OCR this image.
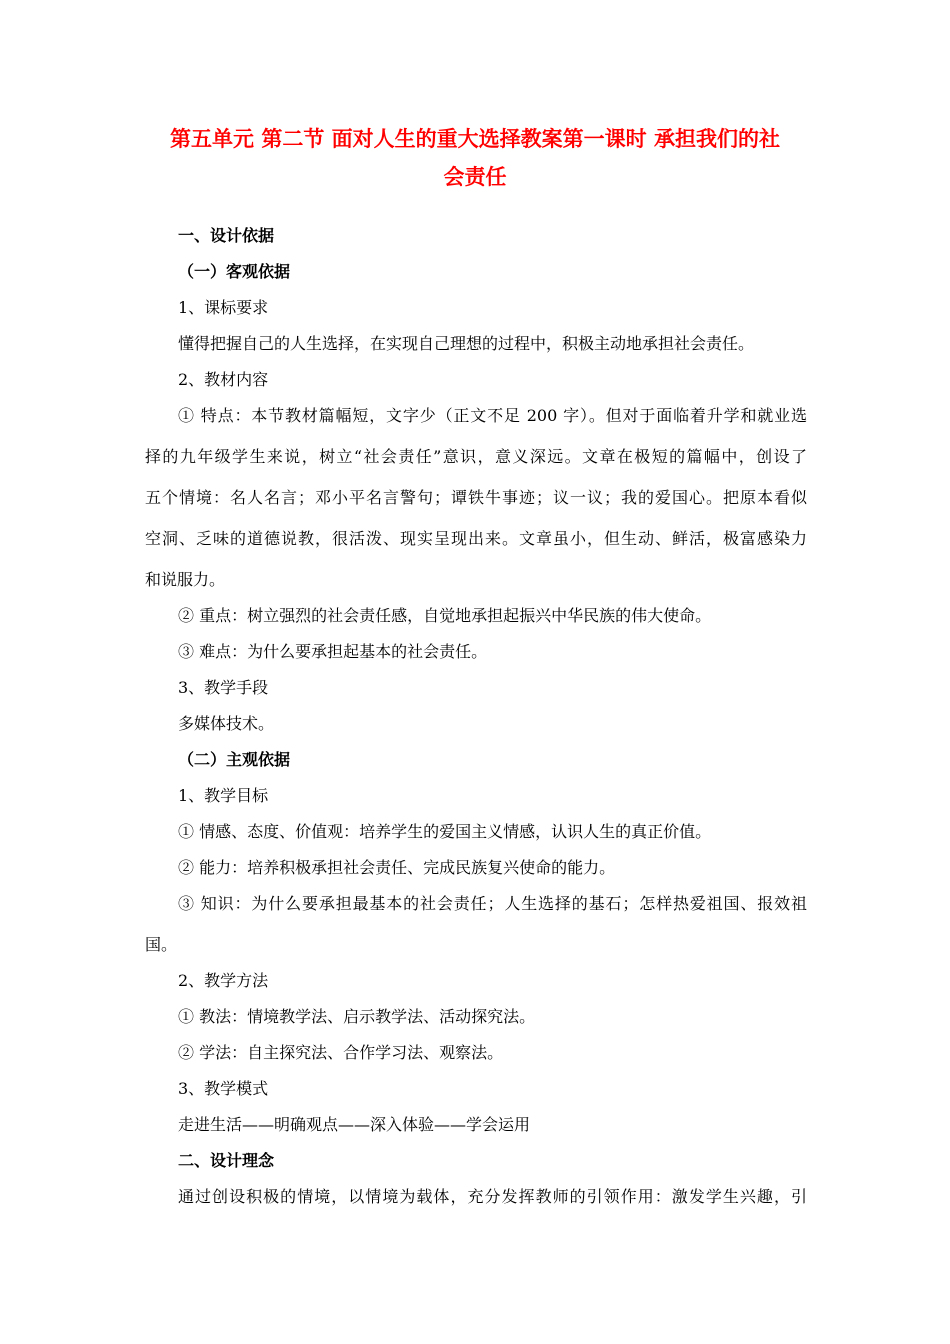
第五单元 第二节 面对人生的重大选择教案第一课时 承担我们的社
会责任
一、设计依据
（一）客观依据
1、课标要求
懂得把握自己的人生选择，在实现自己理想的过程中，积极主动地承担社会责任。
2、教材内容
① 特点：本节教材篇幅短，文字少（正文不足 200 字）。但对于面临着升学和就业选
择的九年级学生来说，树立“社会责任”意识，意义深远。文章在极短的篇幅中，创设了
五个情境：名人名言；邓小平名言警句；谭铁牛事迹；议一议；我的爱国心。把原本看似
空洞、乏味的道德说教，很活泼、现实呈现出来。文章虽小，但生动、鲜活，极富感染力
和说服力。
② 重点：树立强烈的社会责任感，自觉地承担起振兴中华民族的伟大使命。
③ 难点：为什么要承担起基本的社会责任。
3、教学手段
多媒体技术。
（二）主观依据
1、教学目标
① 情感、态度、价值观：培养学生的爱国主义情感，认识人生的真正价值。
② 能力：培养积极承担社会责任、完成民族复兴使命的能力。
③ 知识：为什么要承担最基本的社会责任；人生选择的基石；怎样热爱祖国、报效祖
国。
2、教学方法
① 教法：情境教学法、启示教学法、活动探究法。
② 学法：自主探究法、合作学习法、观察法。
3、教学模式
走进生活——明确观点——深入体验——学会运用
二、设计理念
通过创设积极的情境，以情境为载体，充分发挥教师的引领作用：激发学生兴趣，引
